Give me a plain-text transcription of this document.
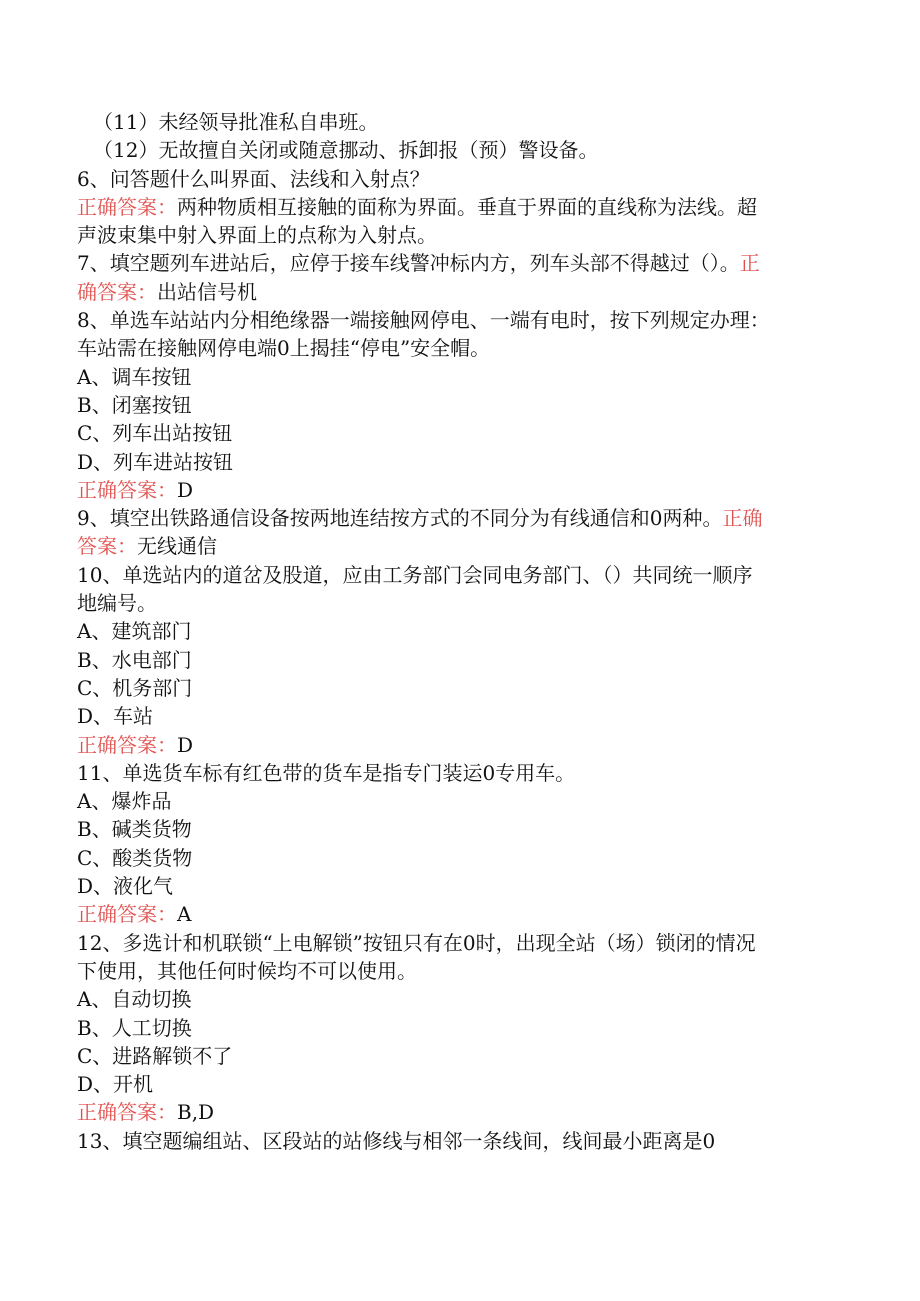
（11）未经领导批准私自串班。
（12）无故擅自关闭或随意挪动、拆卸报（预）警设备。
6、问答题什么叫界面、法线和入射点？
正确答案：两种物质相互接触的面称为界面。垂直于界面的直线称为法线。超
声波束集中射入界面上的点称为入射点。
7、填空题列车进站后，应停于接车线警冲标内方，列车头部不得越过（）。正
确答案：出站信号机
8、单选车站站内分相绝缘器一端接触网停电、一端有电时，按下列规定办理：
车站需在接触网停电端0上揭挂“停电”安全帽。
A、调车按钮
B、闭塞按钮
C、列车出站按钮
D、列车进站按钮
正确答案：D
9、填空出铁路通信设备按两地连结按方式的不同分为有线通信和0两种。正确
答案：无线通信
10、单选站内的道岔及股道，应由工务部门会同电务部门、（）共同统一顺序
地编号。
A、建筑部门
B、水电部门
C、机务部门
D、车站
正确答案：D
11、单选货车标有红色带的货车是指专门装运0专用车。
A、爆炸品
B、碱类货物
C、酸类货物
D、液化气
正确答案：A
12、多选计和机联锁“上电解锁”按钮只有在0时，出现全站（场）锁闭的情况
下使用，其他任何时候均不可以使用。
A、自动切换
B、人工切换
C、进路解锁不了
D、开机
正确答案：B,D
13、填空题编组站、区段站的站修线与相邻一条线间，线间最小距离是0
